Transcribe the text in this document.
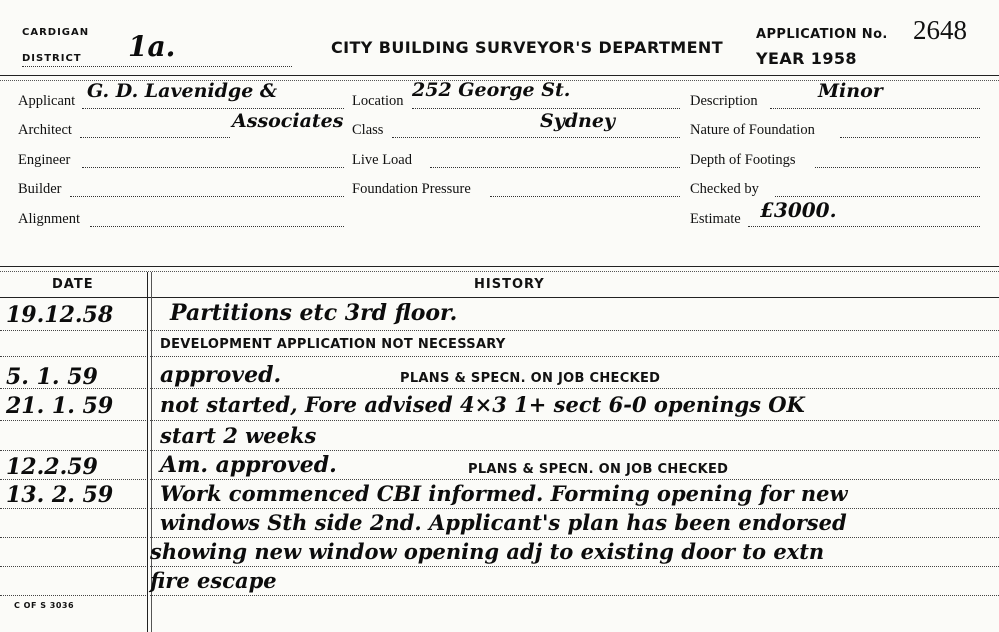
CARDIGAN
DISTRICT 1a.	CITY BUILDING SURVEYOR'S DEPARTMENT
APPLICATION No. 2648
YEAR 1958
Applicant G. D. Lavenidge &
Associates
Architect
Engineer
Builder
Alignment
Location 252 George St.
Class	Sydney
Live Load
Foundation Pressure
Description	Minor
Nature of Foundation
Depth of Footings
Checked by
Estimate £3000.
DATE	HISTORY
19.12.58	Partitions etc 3rd floor.
DEVELOPMENT APPLICATION NOT NECESSARY
5. 1. 59	approved.	PLANS & SPECN. ON JOB CHECKED
21. 1. 59 not started, Fore advised 4×3 1+ sect 6-0 openings OK
start 2 weeks
12.2.59	Am. approved.	PLANS & SPECN. ON JOB CHECKED
13. 2. 59 Work commenced CBI informed. Forming opening for new
windows Sth side 2nd. Applicant's plan has been endorsed
showing new window opening adj to existing door to extn
fire escape
C OF S 3036
